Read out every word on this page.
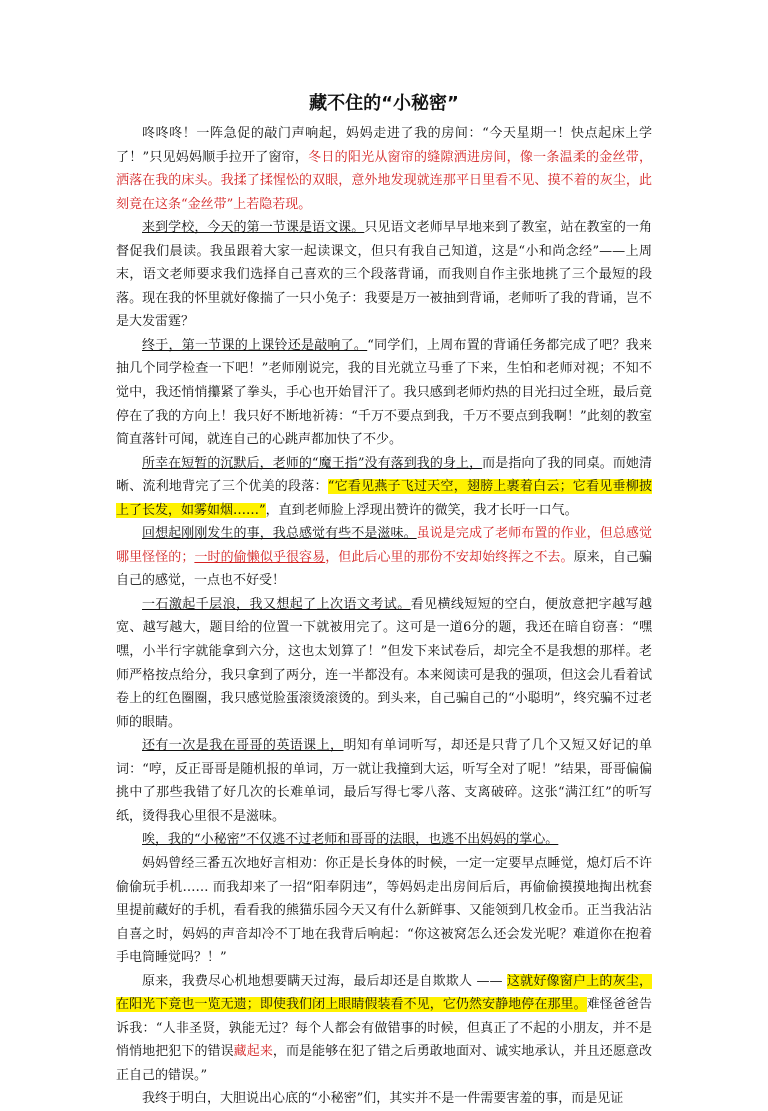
藏不住的“小秘密”

咚咚咚！一阵急促的敲门声响起，妈妈走进了我的房间：“今天星期一！快点起床上学了！”只见妈妈顺手拉开了窗帘，冬日的阳光从窗帘的缝隙洒进房间，像一条温柔的金丝带，洒落在我的床头。我揉了揉惺忪的双眼，意外地发现就连那平日里看不见、摸不着的灰尘，此刻竟在这条“金丝带”上若隐若现。

来到学校，今天的第一节课是语文课。只见语文老师早早地来到了教室，站在教室的一角督促我们晨读。我虽跟着大家一起读课文，但只有我自己知道，这是“小和尚念经”——上周末，语文老师要求我们选择自己喜欢的三个段落背诵，而我则自作主张地挑了三个最短的段落。现在我的怀里就好像揣了一只小兔子：我要是万一被抽到背诵，老师听了我的背诵，岂不是大发雷霆？

终于，第一节课的上课铃还是敲响了。“同学们，上周布置的背诵任务都完成了吧？我来抽几个同学检查一下吧！”老师刚说完，我的目光就立马垂了下来，生怕和老师对视；不知不觉中，我还悄悄攥紧了拳头，手心也开始冒汗了。我只感到老师灼热的目光扫过全班，最后竟停在了我的方向上！我只好不断地祈祷：“千万不要点到我，千万不要点到我啊！”此刻的教室简直落针可闻，就连自己的心跳声都加快了不少。

所幸在短暂的沉默后，老师的“魔王指”没有落到我的身上，而是指向了我的同桌。而她清晰、流利地背完了三个优美的段落：“它看见燕子飞过天空，翅膀上裹着白云；它看见垂柳披上了长发，如雾如烟……”，直到老师脸上浮现出赞许的微笑，我才长吁一口气。

回想起刚刚发生的事，我总感觉有些不是滋味。虽说是完成了老师布置的作业，但总感觉哪里怪怪的；一时的偷懒似乎很容易，但此后心里的那份不安却始终挥之不去。原来，自己骗自己的感觉，一点也不好受！

一石激起千层浪，我又想起了上次语文考试。看见横线短短的空白，便放意把字越写越宽、越写越大，题目给的位置一下就被用完了。这可是一道6分的题，我还在暗自窃喜：“嘿嘿，小半行字就能拿到六分，这也太划算了！”但发下来试卷后，却完全不是我想的那样。老师严格按点给分，我只拿到了两分，连一半都没有。本来阅读可是我的强项，但这会儿看着试卷上的红色圈圈，我只感觉脸蛋滚烫滚烫的。到头来，自己骗自己的“小聪明”，终究骗不过老师的眼睛。

还有一次是我在哥哥的英语课上，明知有单词听写，却还是只背了几个又短又好记的单词：“哼，反正哥哥是随机报的单词，万一就让我撞到大运，听写全对了呢！”结果，哥哥偏偏挑中了那些我错了好几次的长难单词，最后写得七零八落、支离破碎。这张“满江红”的听写纸，烫得我心里很不是滋味。

唉，我的“小秘密”不仅逃不过老师和哥哥的法眼，也逃不出妈妈的掌心。

妈妈曾经三番五次地好言相劝：你正是长身体的时候，一定一定要早点睡觉，熄灯后不许偷偷玩手机…… 而我却来了一招“阳奉阴违”，等妈妈走出房间后后，再偷偷摸摸地掏出枕套里提前藏好的手机，看看我的熊猫乐园今天又有什么新鲜事、又能领到几枚金币。正当我沾沾自喜之时，妈妈的声音却冷不丁地在我背后响起：“你这被窝怎么还会发光呢？难道你在抱着手电筒睡觉吗？！”

原来，我费尽心机地想要瞒天过海，最后却还是自欺欺人 —— 这就好像窗户上的灰尘，在阳光下竟也一览无遗；即使我们闭上眼睛假装看不见，它仍然安静地停在那里。难怪爸爸告诉我：“人非圣贤，孰能无过？每个人都会有做错事的时候，但真正了不起的小朋友，并不是悄悄地把犯下的错误藏起来，而是能够在犯了错之后勇敢地面对、诚实地承认，并且还愿意改正自己的错误。”

我终于明白，大胆说出心底的“小秘密”们，其实并不是一件需要害羞的事，而是见证
